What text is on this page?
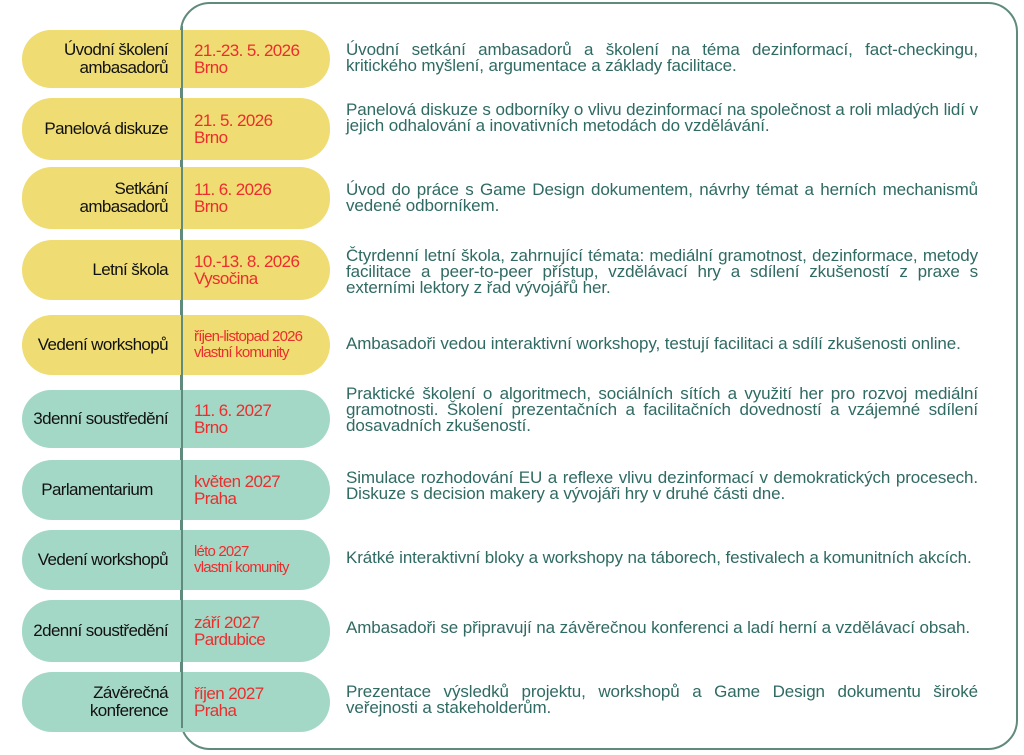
Úvodní školení ambasadorů
21.-23. 5. 2026
Brno
Úvodní setkání ambasadorů a školení na téma dezinformací, fact-checkingu, kritického myšlení, argumentace a základy facilitace.
Panelová diskuze 21. 5. 2026
Brno
Panelová diskuze s odborníky o vlivu dezinformací na společnost a roli mladých lidí v jejich odhalování a inovativních metodách do vzdělávání.
Setkání ambasadorů
11. 6. 2026
Brno
Úvod do práce s Game Design dokumentem, návrhy témat a herních mechanismů vedené odborníkem.
Letní škola 10.-13. 8. 2026
Vysočina
Čtyrdenní letní škola, zahrnující témata: mediální gramotnost, dezinformace, metody facilitace a peer-to-peer přístup, vzdělávací hry a sdílení zkušeností z praxe s externími lektory z řad vývojářů her.
Vedení workshopů říjen-listopad 2026
vlastní komunity	Ambasadoři vedou interaktivní workshopy, testují facilitaci a sdílí zkušenosti online.
3denní soustředění 11. 6. 2027
Brno
Praktické školení o algoritmech, sociálních sítích a využití her pro rozvoj mediální gramotnosti. Školení prezentačních a facilitačních dovedností a vzájemné sdílení dosavadních zkušeností.
Parlamentarium	květen 2027
Praha
Simulace rozhodování EU a reflexe vlivu dezinformací v demokratických procesech. Diskuze s decision makery a vývojáři hry v druhé části dne.
Vedení workshopů léto 2027
vlastní komunity
Krátké interaktivní bloky a workshopy na táborech, festivalech a komunitních akcích.
2denní soustředění září 2027
Pardubice
Ambasadoři se připravují na závěrečnou konferenci a ladí herní a vzdělávací obsah.
Závěrečná konference
říjen 2027
Praha
Prezentace výsledků projektu, workshopů a Game Design dokumentu široké veřejnosti a stakeholderům.
